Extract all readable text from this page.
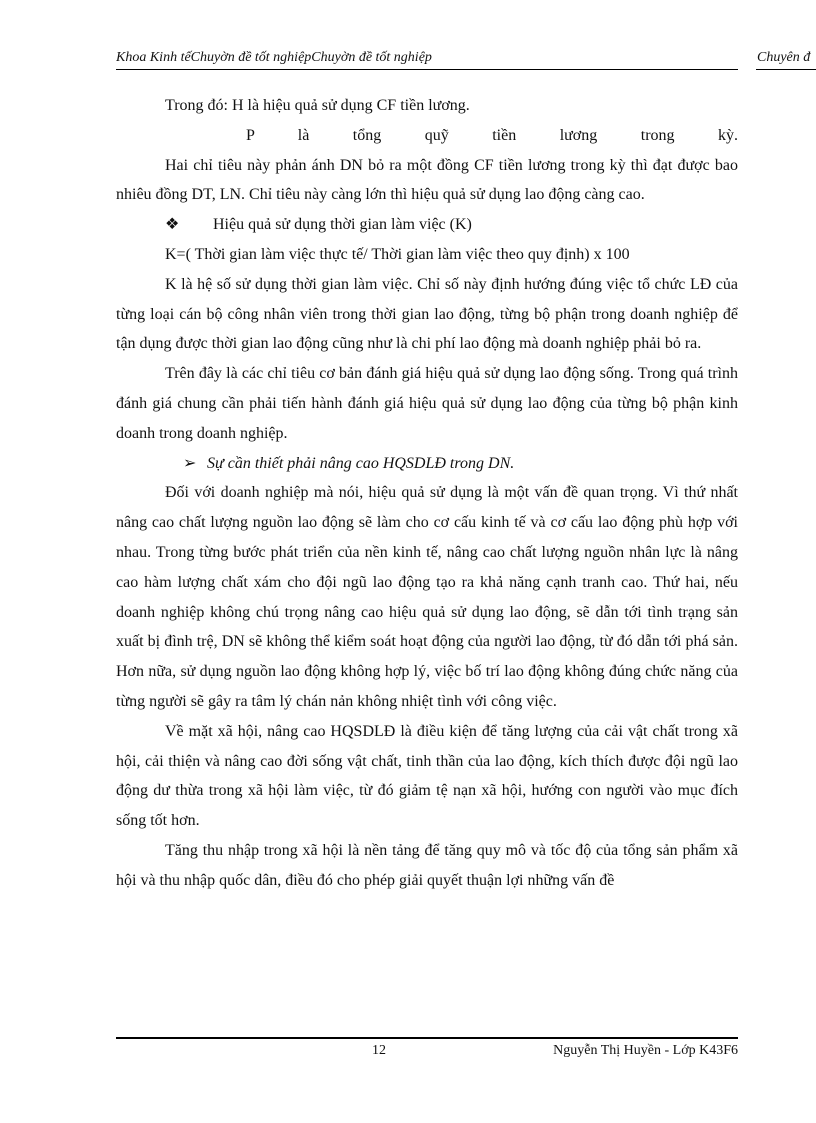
Khoa Kinh tếChuyờn đề tốt nghiệpChuyờn đề tốt nghiệp	Chuyên đ

Trong đó: H là hiệu quả sử dụng CF tiền lương.

P là tổng quỹ tiền lương trong kỳ.

Hai chỉ tiêu này phản ánh DN bỏ ra một đồng CF tiền lương trong kỳ thì đạt được bao nhiêu đồng DT, LN. Chỉ tiêu này càng lớn thì hiệu quả sử dụng lao động càng cao.

❖ Hiệu quả sử dụng thời gian làm việc (K)

K=( Thời gian làm việc thực tế/ Thời gian làm việc theo quy định) x 100

K là hệ số sử dụng thời gian làm việc. Chỉ số này định hướng đúng việc tổ chức LĐ của từng loại cán bộ công nhân viên trong thời gian lao động, từng bộ phận trong doanh nghiệp để tận dụng được thời gian lao động cũng như là chi phí lao động mà doanh nghiệp phải bỏ ra.

Trên đây là các chỉ tiêu cơ bản đánh giá hiệu quả sử dụng lao động sống. Trong quá trình đánh giá chung cần phải tiến hành đánh giá hiệu quả sử dụng lao động của từng bộ phận kinh doanh trong doanh nghiệp.

➢ Sự cần thiết phải nâng cao HQSDLĐ trong DN.

Đối với doanh nghiệp mà nói, hiệu quả sử dụng là một vấn đề quan trọng. Vì thứ nhất nâng cao chất lượng nguồn lao động sẽ làm cho cơ cấu kinh tế và cơ cấu lao động phù hợp với nhau. Trong từng bước phát triển của nền kinh tế, nâng cao chất lượng nguồn nhân lực là nâng cao hàm lượng chất xám cho đội ngũ lao động tạo ra khả năng cạnh tranh cao. Thứ hai, nếu doanh nghiệp không chú trọng nâng cao hiệu quả sử dụng lao động, sẽ dẫn tới tình trạng sản xuất bị đình trệ, DN sẽ không thể kiểm soát hoạt động của người lao động, từ đó dẫn tới phá sản. Hơn nữa, sử dụng nguồn lao động không hợp lý, việc bố trí lao động không đúng chức năng của từng người sẽ gây ra tâm lý chán nản không nhiệt tình với công việc.

Về mặt xã hội, nâng cao HQSDLĐ là điều kiện để tăng lượng của cải vật chất trong xã hội, cải thiện và nâng cao đời sống vật chất, tinh thần của lao động, kích thích được đội ngũ lao động dư thừa trong xã hội làm việc, từ đó giảm tệ nạn xã hội, hướng con người vào mục đích sống tốt hơn.

Tăng thu nhập trong xã hội là nền tảng để tăng quy mô và tốc độ của tổng sản phẩm xã hội và thu nhập quốc dân, điều đó cho phép giải quyết thuận lợi những vấn đề

12	Nguyễn Thị Huyền - Lớp K43F6
